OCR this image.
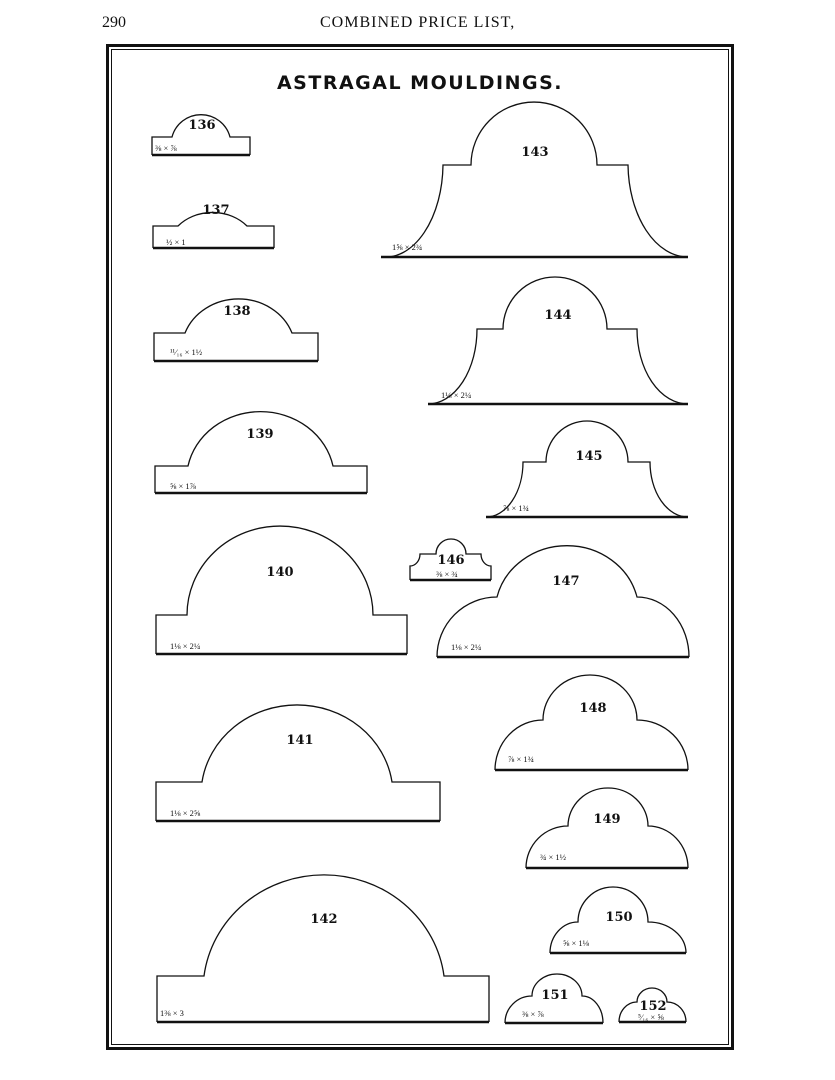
290	COMBINED PRICE LIST,
ASTRAGAL MOULDINGS.
136
137
138
139
140
141
142
143
144
145
146
147
148
149
150
151
152
⅜ × ⅞
½ × 1
¹¹⁄₁₆ × 1½
⅝ × 1⅞
1⅛ × 2¼
1⅛ × 2⅝
1⅜ × 3
1⅝ × 2¾
1⅛ × 2¼
⅞ × 1¾
⅜ × ¾
1⅛ × 2¼
⅞ × 1¾
¾ × 1½
⅝ × 1⅛
⅜ × ⅞	⁵⁄₁₆ × ⅝
